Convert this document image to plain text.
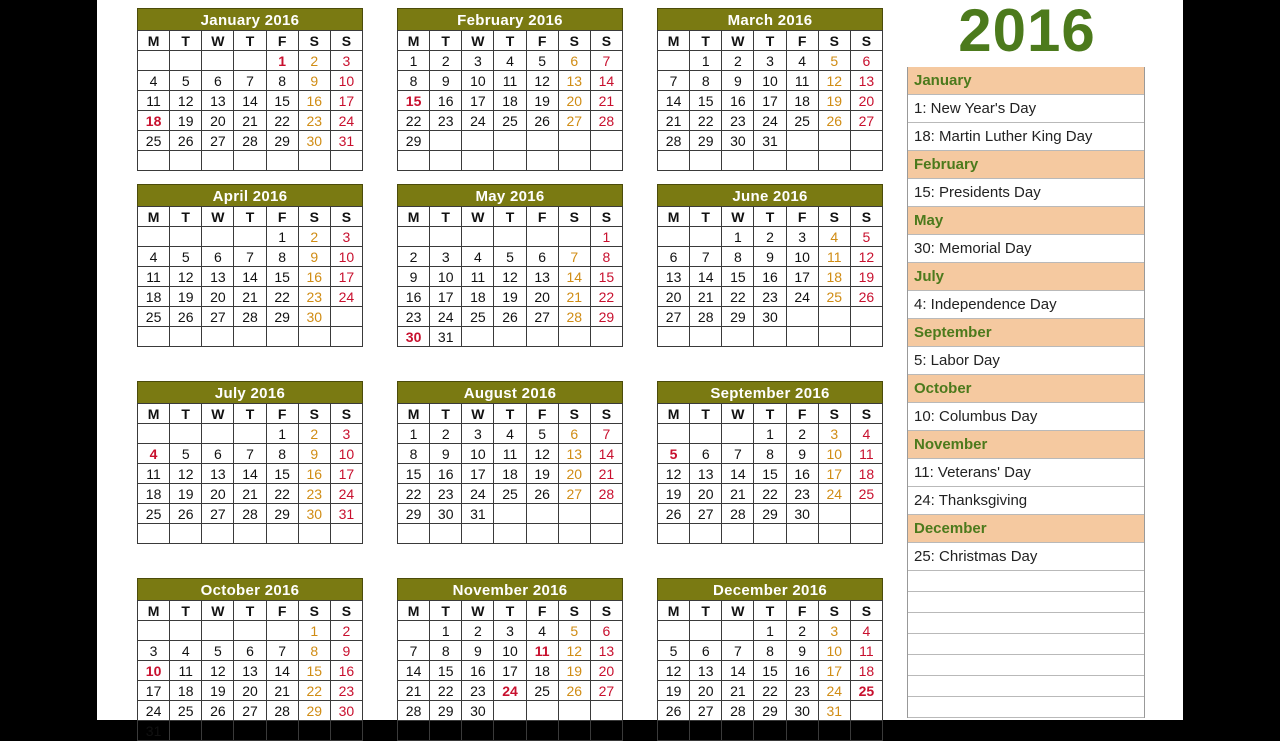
January 2016
M	T	W	T	F	S	S
				1	2	3
4	5	6	7	8	9	10
11	12	13	14	15	16	17
18	19	20	21	22	23	24
25	26	27	28	29	30	31

February 2016
M	T	W	T	F	S	S
1	2	3	4	5	6	7
8	9	10	11	12	13	14
15	16	17	18	19	20	21
22	23	24	25	26	27	28
29						

March 2016
M	T	W	T	F	S	S
	1	2	3	4	5	6
7	8	9	10	11	12	13
14	15	16	17	18	19	20
21	22	23	24	25	26	27
28	29	30	31			

April 2016
M	T	W	T	F	S	S
				1	2	3
4	5	6	7	8	9	10
11	12	13	14	15	16	17
18	19	20	21	22	23	24
25	26	27	28	29	30	

May 2016
M	T	W	T	F	S	S
						1
2	3	4	5	6	7	8
9	10	11	12	13	14	15
16	17	18	19	20	21	22
23	24	25	26	27	28	29
30	31					
June 2016
M	T	W	T	F	S	S
		1	2	3	4	5
6	7	8	9	10	11	12
13	14	15	16	17	18	19
20	21	22	23	24	25	26
27	28	29	30			

July 2016
M	T	W	T	F	S	S
				1	2	3
4	5	6	7	8	9	10
11	12	13	14	15	16	17
18	19	20	21	22	23	24
25	26	27	28	29	30	31

August 2016
M	T	W	T	F	S	S
1	2	3	4	5	6	7
8	9	10	11	12	13	14
15	16	17	18	19	20	21
22	23	24	25	26	27	28
29	30	31				

September 2016
M	T	W	T	F	S	S
			1	2	3	4
5	6	7	8	9	10	11
12	13	14	15	16	17	18
19	20	21	22	23	24	25
26	27	28	29	30		

October 2016
M	T	W	T	F	S	S
					1	2
3	4	5	6	7	8	9
10	11	12	13	14	15	16
17	18	19	20	21	22	23
24	25	26	27	28	29	30
31						
November 2016
M	T	W	T	F	S	S
	1	2	3	4	5	6
7	8	9	10	11	12	13
14	15	16	17	18	19	20
21	22	23	24	25	26	27
28	29	30				

December 2016
M	T	W	T	F	S	S
			1	2	3	4
5	6	7	8	9	10	11
12	13	14	15	16	17	18
19	20	21	22	23	24	25
26	27	28	29	30	31	

2016
January
1: New Year's Day
18: Martin Luther King Day
February
15: Presidents Day
May
30: Memorial Day
July
4: Independence Day
September
5: Labor Day
October
10: Columbus Day
November
11: Veterans' Day
24: Thanksgiving
December
25: Christmas Day
